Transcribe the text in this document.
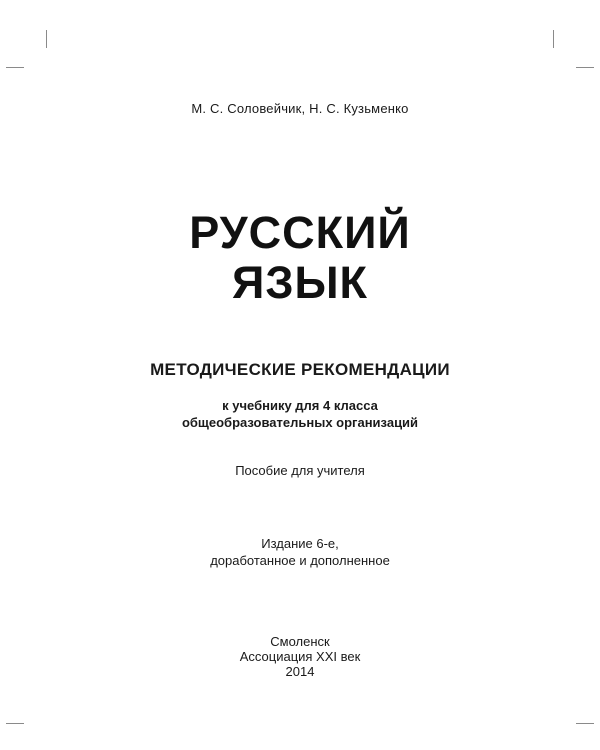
М. С. Соловейчик, Н. С. Кузьменко
РУССКИЙ
ЯЗЫК
МЕТОДИЧЕСКИЕ РЕКОМЕНДАЦИИ
к учебнику для 4 класса
общеобразовательных организаций
Пособие для учителя
Издание 6-е,
доработанное и дополненное
Смоленск
Ассоциация XXI век
2014
